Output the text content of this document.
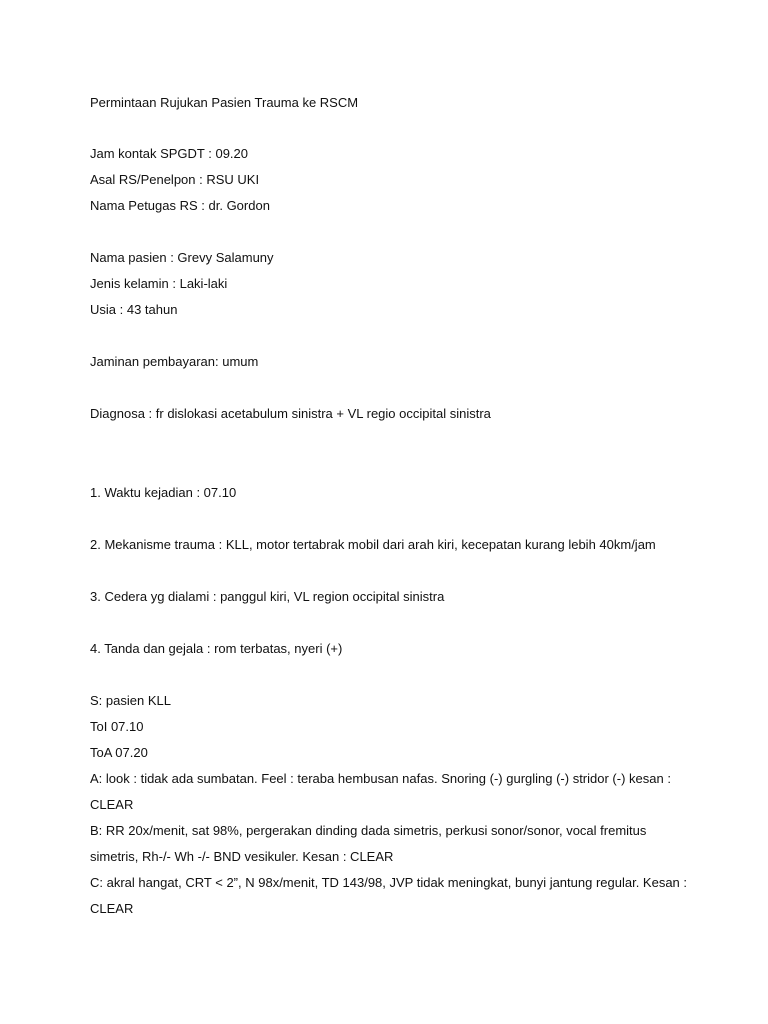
Permintaan Rujukan Pasien Trauma ke RSCM
Jam kontak SPGDT : 09.20
Asal RS/Penelpon : RSU UKI
Nama Petugas RS : dr. Gordon
Nama pasien : Grevy Salamuny
Jenis kelamin : Laki-laki
Usia : 43 tahun
Jaminan pembayaran: umum
Diagnosa : fr dislokasi acetabulum sinistra + VL regio occipital sinistra
1. Waktu kejadian : 07.10
2. Mekanisme trauma : KLL, motor tertabrak mobil dari arah kiri, kecepatan kurang lebih 40km/jam
3. Cedera yg dialami : panggul kiri, VL region occipital sinistra
4. Tanda dan gejala : rom terbatas, nyeri (+)
S: pasien KLL
ToI 07.10
ToA 07.20
A: look : tidak ada sumbatan. Feel : teraba hembusan nafas. Snoring (-) gurgling (-) stridor (-) kesan :
CLEAR
B: RR 20x/menit, sat 98%, pergerakan dinding dada simetris, perkusi sonor/sonor, vocal fremitus
simetris, Rh-/- Wh -/- BND vesikuler. Kesan : CLEAR
C: akral hangat, CRT < 2”, N 98x/menit, TD 143/98, JVP tidak meningkat, bunyi jantung regular. Kesan :
CLEAR
